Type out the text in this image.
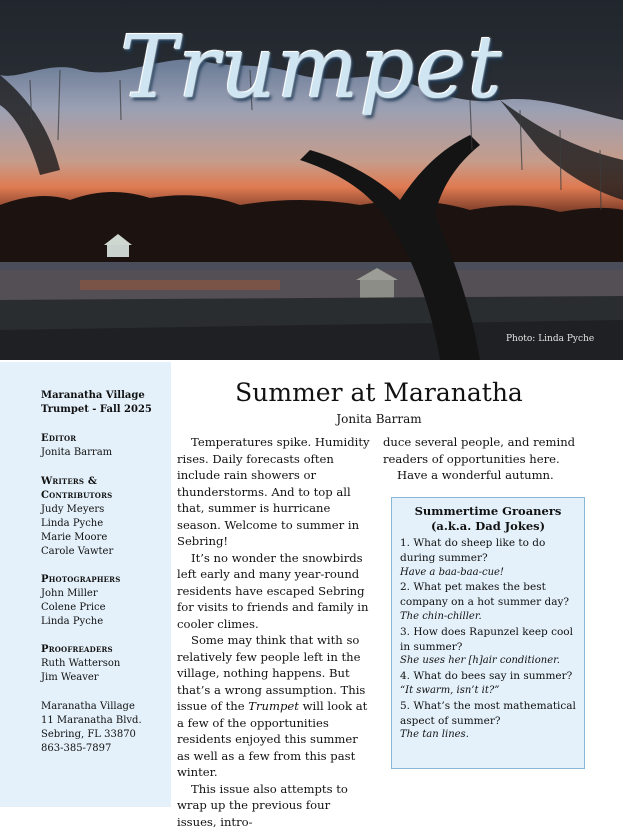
Trumpet
Photo: Linda Pyche
Maranatha Village
Trumpet - Fall 2025
Editor
Jonita Barram
Writers &
Contributors
Judy Meyers
Linda Pyche
Marie Moore
Carole Vawter
Photographers
John Miller
Colene Price
Linda Pyche
Proofreaders
Ruth Watterson
Jim Weaver
Maranatha Village
11 Maranatha Blvd.
Sebring, FL 33870
863-385-7897
Summer at Maranatha
Jonita Barram

Temperatures spike. Humidity rises. Daily forecasts often include rain showers or thunderstorms. And to top all that, summer is hurricane season. Welcome to summer in Sebring!

It’s no wonder the snowbirds left early and many year-round residents have escaped Sebring for visits to friends and family in cooler climes.

Some may think that with so relatively few people left in the village, nothing happens. But that’s a wrong assumption. This issue of the Trumpet will look at a few of the opportunities residents enjoyed this summer as well as a few from this past winter.

This issue also attempts to wrap up the previous four issues, intro-

duce several people, and remind readers of opportunities here.

Have a wonderful autumn.

Summertime Groaners
(a.k.a. Dad Jokes)
1. What do sheep like to do during summer?
Have a baa-baa-cue!
2. What pet makes the best company on a hot summer day?
The chin-chiller.
3. How does Rapunzel keep cool in summer?
She uses her [h]air conditioner.
4. What do bees say in summer?
“It swarm, isn’t it?”
5. What’s the most mathematical aspect of summer?
The tan lines.
